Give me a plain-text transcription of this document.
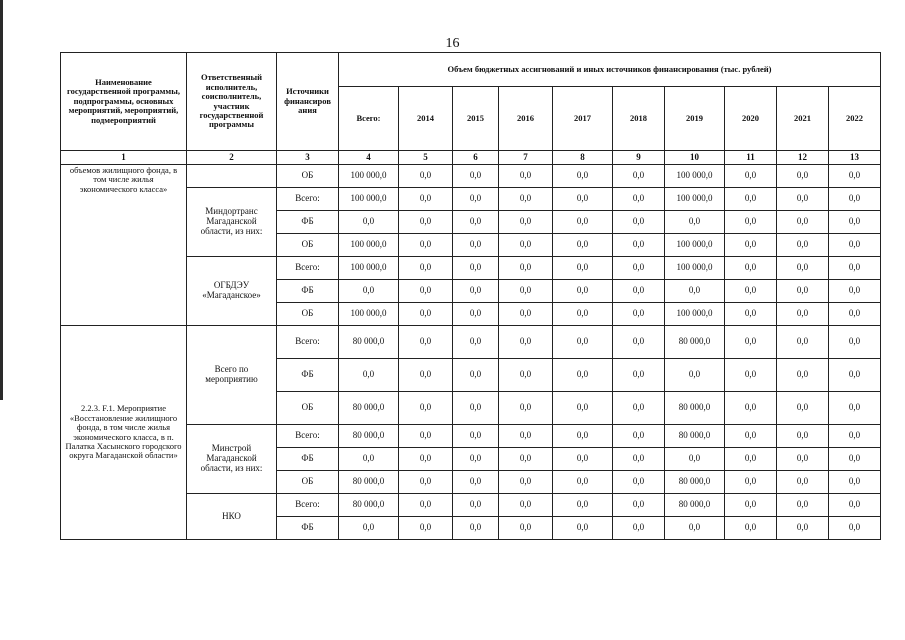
16
Наименование государственной программы, подпрограммы, основных мероприятий, мероприятий, подмероприятий	Ответственный исполнитель, соисполнитель, участник государственной программы	Источники финансиров ания	Объем бюджетных ассигнований и иных источников финансирования (тыс. рублей)									
			Всего:	2014	2015	2016	2017	2018	2019	2020	2021	2022
1	2	3	4	5	6	7	8	9	10	11	12	13
объемов жилищного фонда, в том числе жилья экономического класса»		ОБ	100 000,0	0,0	0,0	0,0	0,0	0,0	100 000,0	0,0	0,0	0,0
	Миндортранс Магаданской области, из них:	Всего:	100 000,0	0,0	0,0	0,0	0,0	0,0	100 000,0	0,0	0,0	0,0
		ФБ	0,0	0,0	0,0	0,0	0,0	0,0	0,0	0,0	0,0	0,0
		ОБ	100 000,0	0,0	0,0	0,0	0,0	0,0	100 000,0	0,0	0,0	0,0
	ОГБДЭУ «Магаданское»	Всего:	100 000,0	0,0	0,0	0,0	0,0	0,0	100 000,0	0,0	0,0	0,0
		ФБ	0,0	0,0	0,0	0,0	0,0	0,0	0,0	0,0	0,0	0,0
		ОБ	100 000,0	0,0	0,0	0,0	0,0	0,0	100 000,0	0,0	0,0	0,0
2.2.3. F.1. Мероприятие «Восстановление жилищного фонда, в том числе жилья экономического класса, в п. Палатка Хасынского городского округа Магаданской области»	Всего по мероприятию	Всего:	80 000,0	0,0	0,0	0,0	0,0	0,0	80 000,0	0,0	0,0	0,0
		ФБ	0,0	0,0	0,0	0,0	0,0	0,0	0,0	0,0	0,0	0,0
		ОБ	80 000,0	0,0	0,0	0,0	0,0	0,0	80 000,0	0,0	0,0	0,0
	Минстрой Магаданской области, из них:	Всего:	80 000,0	0,0	0,0	0,0	0,0	0,0	80 000,0	0,0	0,0	0,0
		ФБ	0,0	0,0	0,0	0,0	0,0	0,0	0,0	0,0	0,0	0,0
		ОБ	80 000,0	0,0	0,0	0,0	0,0	0,0	80 000,0	0,0	0,0	0,0
	НКО	Всего:	80 000,0	0,0	0,0	0,0	0,0	0,0	80 000,0	0,0	0,0	0,0
		ФБ	0,0	0,0	0,0	0,0	0,0	0,0	0,0	0,0	0,0	0,0
